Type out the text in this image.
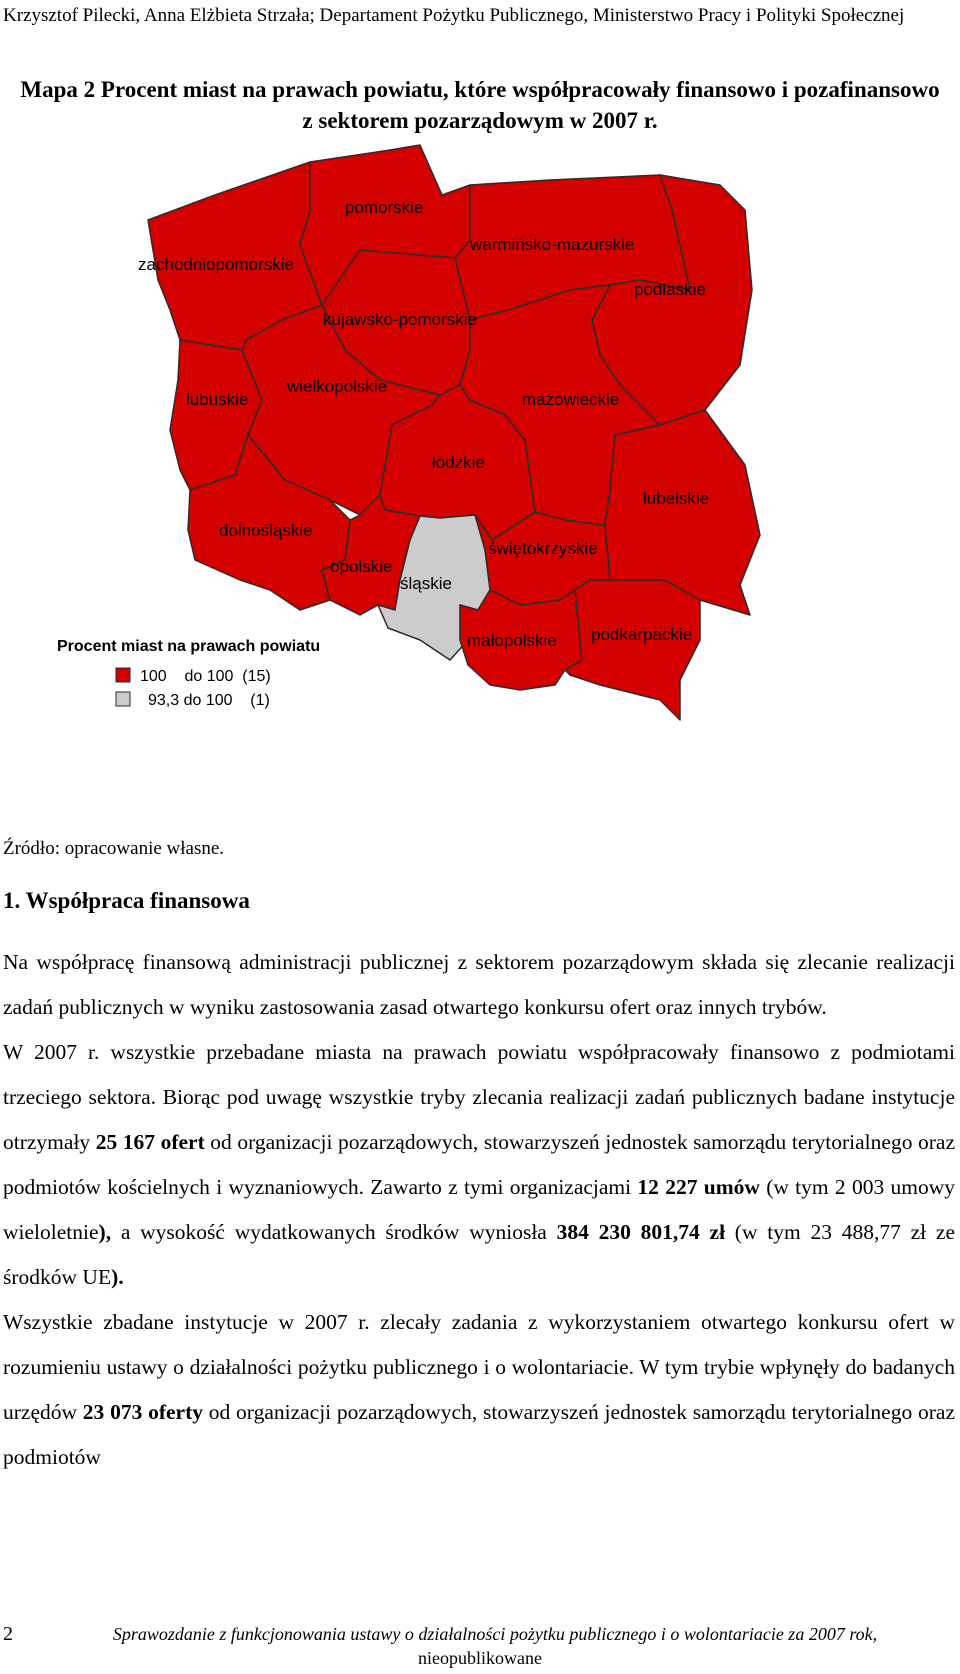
Krzysztof Pilecki, Anna Elżbieta Strzała; Departament Pożytku Publicznego, Ministerstwo Pracy i Polityki Społecznej
Mapa 2 Procent miast na prawach powiatu, które współpracowały finansowo i pozafinansowo z sektorem pozarządowym w 2007 r.
pomorskie
zachodniopomorskie
warmińsko-mazurskie
podlaskie
kujawsko-pomorskie
wielkopolskie
lubuskie	mazowieckie
łódzkie
lubelskie
dolnośląskie
świętokrzyskie
opolskie
śląskie
małopolskie podkarpackie
Procent miast na prawach powiatu
100    do 100  (15)
93,3 do 100    (1)
Źródło: opracowanie własne.
1. Współpraca finansowa

Na współpracę finansową administracji publicznej z sektorem pozarządowym składa się zlecanie realizacji zadań publicznych w wyniku zastosowania zasad otwartego konkursu ofert oraz innych trybów.

W 2007 r. wszystkie przebadane miasta na prawach powiatu współpracowały finansowo z podmiotami trzeciego sektora. Biorąc pod uwagę wszystkie tryby zlecania realizacji zadań publicznych badane instytucje otrzymały 25 167 ofert od organizacji pozarządowych, stowarzyszeń jednostek samorządu terytorialnego oraz podmiotów kościelnych i wyznaniowych. Zawarto z tymi organizacjami 12 227 umów (w tym 2 003 umowy wieloletnie), a wysokość wydatkowanych środków wyniosła 384 230 801,74 zł (w tym 23 488,77 zł ze środków UE).

Wszystkie zbadane instytucje w 2007 r. zlecały zadania z wykorzystaniem otwartego konkursu ofert w rozumieniu ustawy o działalności pożytku publicznego i o wolontariacie. W tym trybie wpłynęły do badanych urzędów 23 073 oferty od organizacji pozarządowych, stowarzyszeń jednostek samorządu terytorialnego oraz podmiotów

2	Sprawozdanie z funkcjonowania ustawy o działalności pożytku publicznego i o wolontariacie za 2007 rok,
nieopublikowane
